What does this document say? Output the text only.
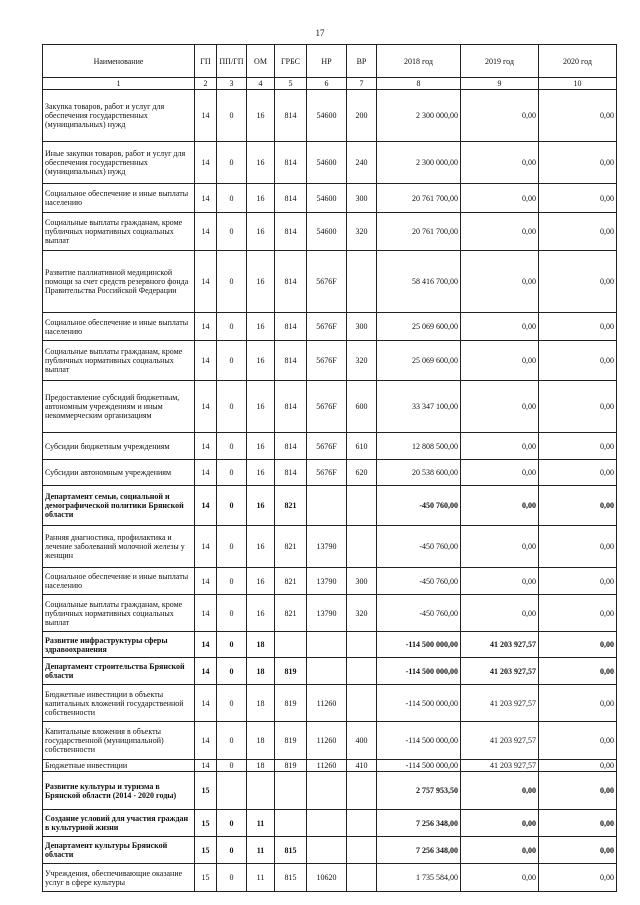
17
Наименование	ГП	ПП/ГП	ОМ	ГРБС	НР	ВР	2018 год	2019 год	2020 год
1	2	3	4	5	6	7	8	9	10
Закупка товаров, работ и услуг для обеспечения государственных (муниципальных) нужд	14	0	16	814	54600	200	2 300 000,00	0,00	0,00
Иные закупки товаров, работ и услуг для обеспечения государственных (муниципальных) нужд	14	0	16	814	54600	240	2 300 000,00	0,00	0,00
Социальное обеспечение и иные выплаты населению	14	0	16	814	54600	300	20 761 700,00	0,00	0,00
Социальные выплаты гражданам, кроме публичных нормативных социальных выплат	14	0	16	814	54600	320	20 761 700,00	0,00	0,00
Развитие паллиативной медицинской помощи за счет средств резервного фонда Правительства Российской Федерации	14	0	16	814	5676F		58 416 700,00	0,00	0,00
Социальное обеспечение и иные выплаты населению	14	0	16	814	5676F	300	25 069 600,00	0,00	0,00
Социальные выплаты гражданам, кроме публичных нормативных социальных выплат	14	0	16	814	5676F	320	25 069 600,00	0,00	0,00
Предоставление субсидий бюджетным, автономным учреждениям и иным некоммерческим организациям	14	0	16	814	5676F	600	33 347 100,00	0,00	0,00
Субсидии бюджетным учреждениям	14	0	16	814	5676F	610	12 808 500,00	0,00	0,00
Субсидии автономным учреждениям	14	0	16	814	5676F	620	20 538 600,00	0,00	0,00
Департамент семьи, социальной и демографической политики Брянской области	14	0	16	821			-450 760,00	0,00	0,00
Ранняя диагностика, профилактика и лечение заболеваний молочной железы у женщин	14	0	16	821	13790		-450 760,00	0,00	0,00
Социальное обеспечение и иные выплаты населению	14	0	16	821	13790	300	-450 760,00	0,00	0,00
Социальные выплаты гражданам, кроме публичных нормативных социальных выплат	14	0	16	821	13790	320	-450 760,00	0,00	0,00
Развитие инфраструктуры сферы здравоохранения	14	0	18				-114 500 000,00	41 203 927,57	0,00
Департамент строительства Брянской области	14	0	18	819			-114 500 000,00	41 203 927,57	0,00
Бюджетные инвестиции в объекты капитальных вложений государственной собственности	14	0	18	819	11260		-114 500 000,00	41 203 927,57	0,00
Капитальные вложения в объекты государственной (муниципальной) собственности	14	0	18	819	11260	400	-114 500 000,00	41 203 927,57	0,00
Бюджетные инвестиции	14	0	18	819	11260	410	-114 500 000,00	41 203 927,57	0,00
Развитие культуры и туризма в Брянской области (2014 - 2020 годы)	15						2 757 953,50	0,00	0,00
Создание условий для участия граждан в культурной жизни	15	0	11				7 256 348,00	0,00	0,00
Департамент культуры Брянской области	15	0	11	815			7 256 348,00	0,00	0,00
Учреждения, обеспечивающие оказание услуг в сфере культуры	15	0	11	815	10620		1 735 584,00	0,00	0,00
